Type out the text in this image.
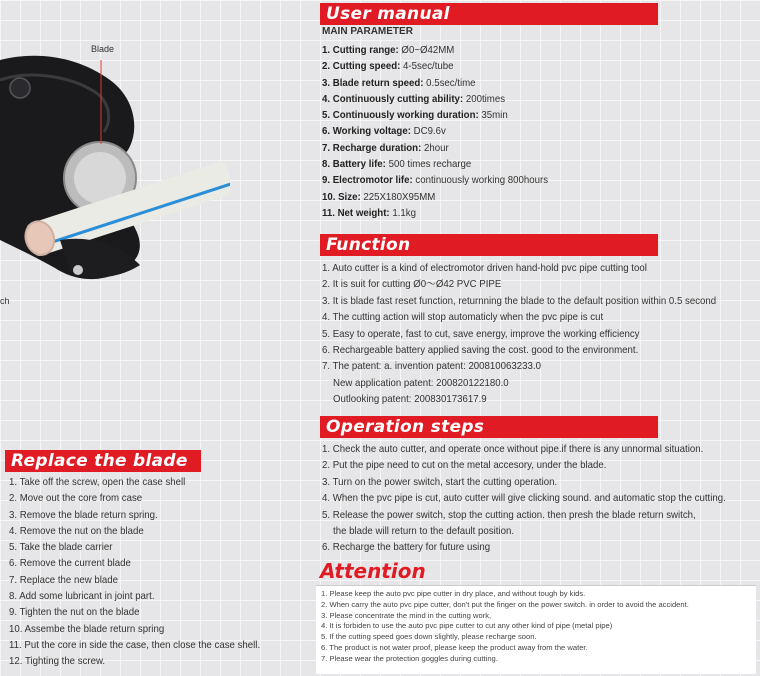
Blade
ch
User manual
MAIN PARAMETER
1. Cutting range: Ø0~Ø42MM
2. Cutting speed: 4-5sec/tube
3. Blade return speed: 0.5sec/time
4. Continuously cutting ability: 200times
5. Continuously working duration: 35min
6. Working voltage: DC9.6v
7. Recharge duration: 2hour
8. Battery life: 500 times recharge
9. Electromotor life: continuously working 800hours
10. Size: 225X180X95MM
11. Net weight: 1.1kg
Function
1. Auto cutter is a kind of electromotor driven hand-hold pvc pipe cutting tool
2. It is suit for cutting Ø0～Ø42 PVC PIPE
3. It is blade fast reset function, returnning the blade to the default position within 0.5 second
4. The cutting action will stop automaticly when the pvc pipe is cut
5. Easy to operate, fast to cut, save energy, improve the working efficiency
6. Rechargeable battery applied saving the cost. good to the environment.
7. The patent: a. invention patent: 200810063233.0
New application patent: 200820122180.0
Outlooking patent: 200830173617.9
Operation steps
1. Check the auto cutter, and operate once without pipe.if there is any unnormal situation.
2. Put the pipe need to cut on the metal accesory, under the blade.
3. Turn on the power switch, start the cutting operation.
4. When the pvc pipe is cut, auto cutter will give clicking sound. and automatic stop the cutting.
5. Release the power switch, stop the cutting action. then presh the blade return switch,
the blade will return to the default position.
6. Recharge the battery for future using
Replace the blade
1. Take off the screw, open the case shell
2. Move out the core from case
3. Remove the blade return spring.
4. Remove the nut on the blade
5. Take the blade carrier
6. Remove the current blade
7. Replace the new blade
8. Add some lubricant in joint part.
9. Tighten the nut on the blade
10. Assembe the blade return spring
11. Put the core in side the case, then close the case shell.
12. Tighting the screw.
Attention
1. Please keep the auto pvc pipe cutter in dry place, and without tough by kids.
2. When carry the auto pvc pipe cutter, don't put the finger on the power switch. in order to avoid the accident.
3. Please concentrate the mind in the cutting work,
4. It is forbiden to use the auto pvc pipe cutter to cut any other kind of pipe (metal pipe)
5. If the cutting speed goes down slightly, please recharge soon.
6. The product is not water proof, please keep the product away from the water.
7. Please wear the protection goggles during cutting.
